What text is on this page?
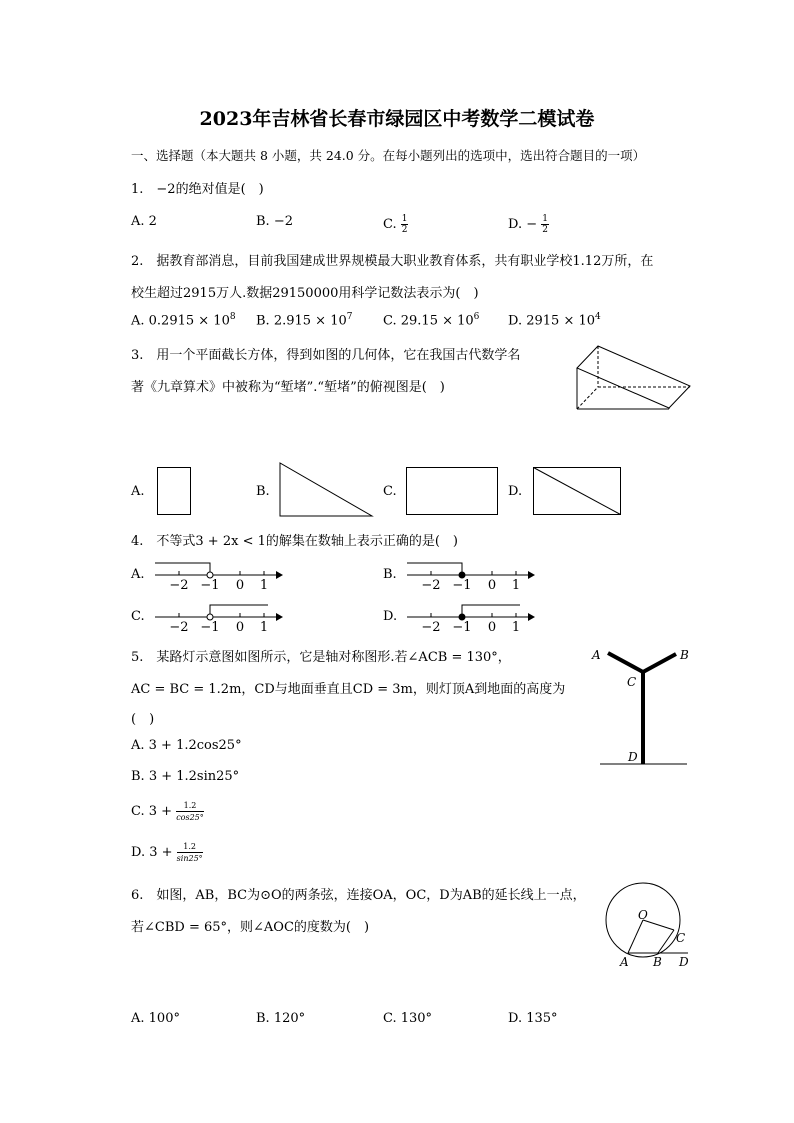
2023年吉林省长春市绿园区中考数学二模试卷
一、选择题（本大题共 8 小题，共 24.0 分。在每小题列出的选项中，选出符合题目的一项）
1.　−2的绝对值是(　)
A. 2	B. −2	C. $\frac{1}{2}$	D. − $\frac{1}{2}$
2.　据教育部消息，目前我国建成世界规模最大职业教育体系，共有职业学校1.12万所，在
校生超过2915万人.数据29150000用科学记数法表示为(　)
A. $0.2915 \times 10^8$ B. $2.915 \times 10^7$ C. $29.15 \times 10^6$ D. $2915 \times 10^4$
3.　用一个平面截长方体，得到如图的几何体，它在我国古代数学名
著《九章算术》中被称为“堑堵”.“堑堵”的俯视图是(　)
A.	B.	C.	D.
4.　不等式3 + 2x < 1的解集在数轴上表示正确的是(　)
A.
−2 −1 0 1
B.
−2 −1 0 1
C.
−2 −1 0 1
D.
−2 −1 0 1
5.　某路灯示意图如图所示，它是轴对称图形.若∠ACB = 130°，
AC = BC = 1.2m，CD与地面垂直且CD = 3m，则灯顶A到地面的高度为
(　)
A. 3 + 1.2cos25°
B. 3 + 1.2sin25°
C. $3 + \frac{1.2}{\cos 25^\circ}$
D. $3 + \frac{1.2}{\sin 25^\circ}$
A	B
C
D
6.　如图，AB，BC为⊙O的两条弦，连接OA，OC，D为AB的延长线上一点，
若∠CBD = 65°，则∠AOC的度数为(　)
O
A B
C
D
A. 100°	B. 120°	C. 130°	D. 135°
